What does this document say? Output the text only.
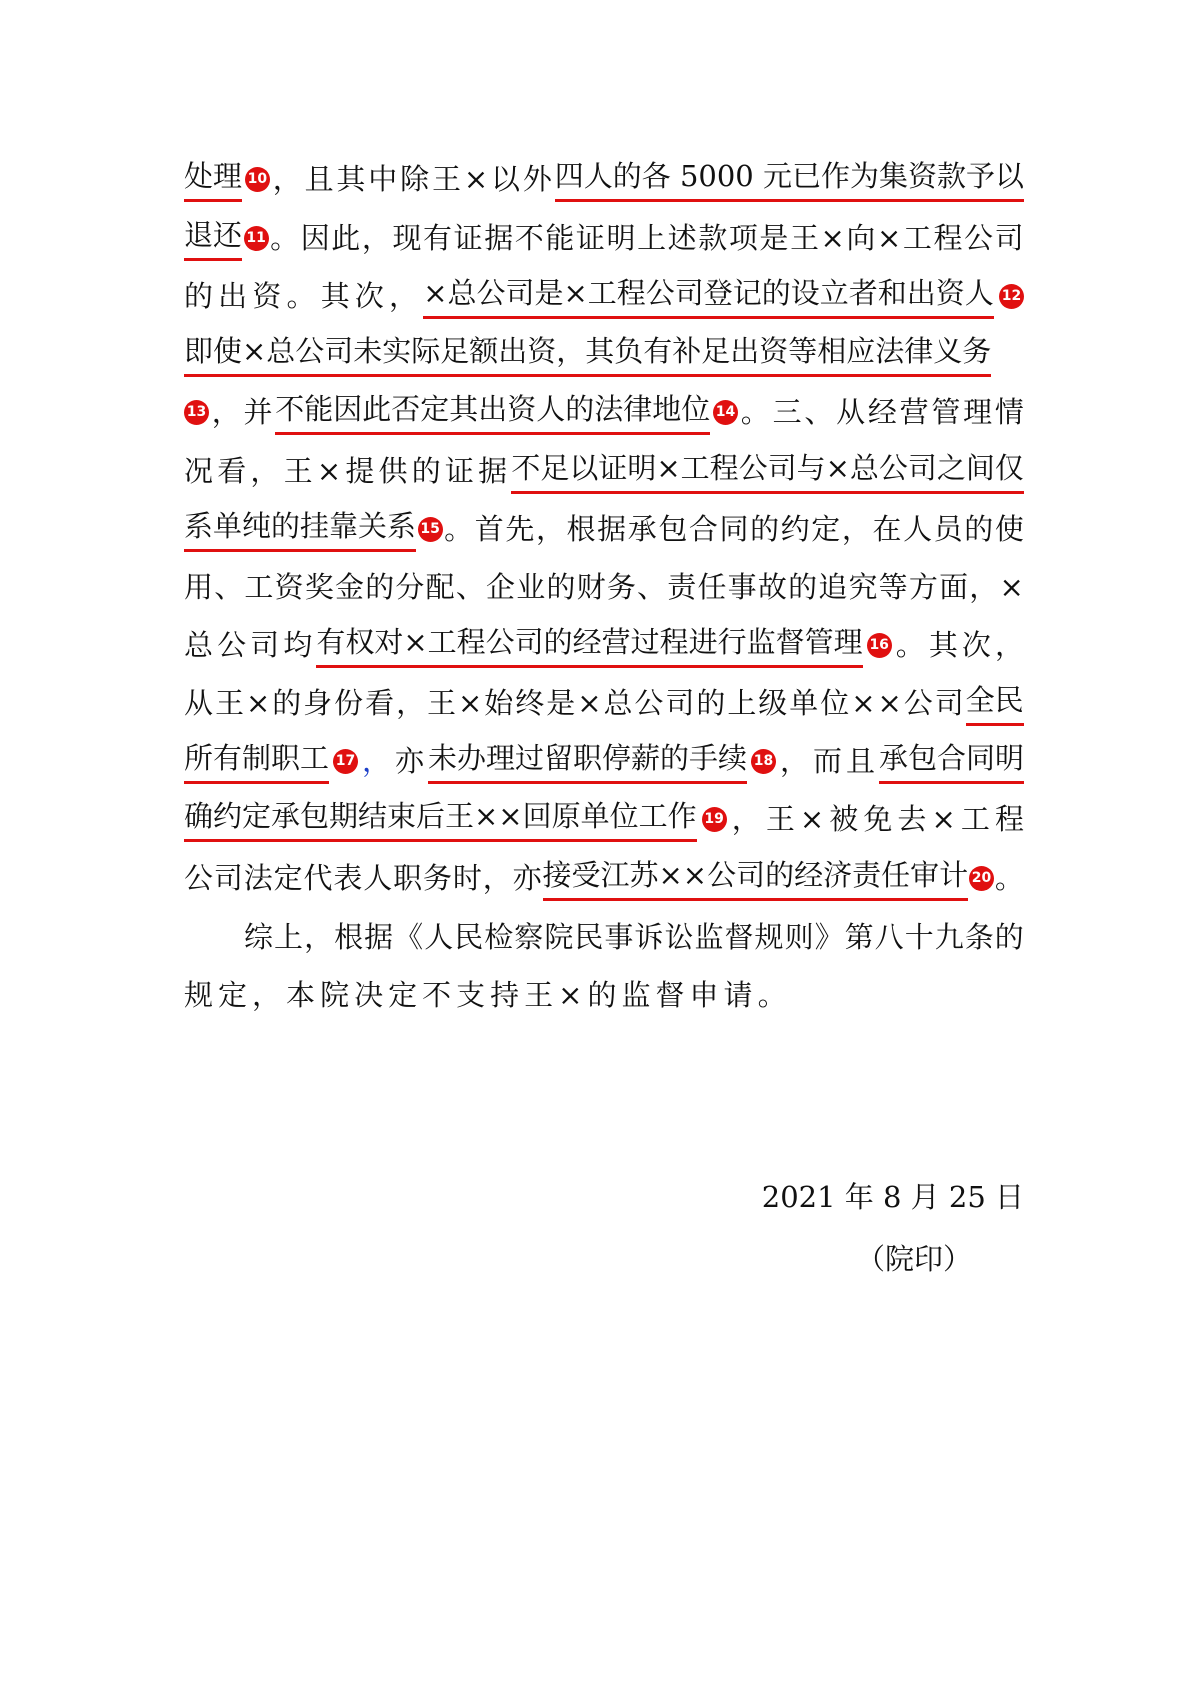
处理 10 ， 且 其 中 除 王 × 以 外 四人的各 5000 元已作为集资款予以
退还 11 。 因 此 ， 现 有 证 据 不 能 证 明 上 述 款 项 是 王 × 向 × 工 程 公 司
的 出 资 。 其 次 ， ×总公司是×工程公司登记的设立者和出资人 12
即使×总公司未实际足额出资，其负有补足出资等相应法律义务
13 ， 并 不能因此否定其出资人的法律地位 14 。 三 、 从 经 营 管 理 情
况 看 ， 王 × 提 供 的 证 据 不足以证明×工程公司与×总公司之间仅
系单纯的挂靠关系 15 。 首 先 ， 根 据 承 包 合 同 的 约 定 ， 在 人 员 的 使
用 、 工 资 奖 金 的 分 配 、 企 业 的 财 务 、 责 任 事 故 的 追 究 等 方 面 ， ×
总 公 司 均 有权对×工程公司的经营过程进行监督管理 16 。 其 次 ，
从 王 × 的 身 份 看 ， 王 × 始 终 是 × 总 公 司 的 上 级 单 位 × × 公 司 全民
所有制职工 17 ， 亦 未办理过留职停薪的手续 18 ， 而 且 承包合同明
确约定承包期结束后王××回原单位工作 19 ， 王 × 被 免 去 × 工 程
公 司 法 定 代 表 人 职 务 时 ， 亦 接受江苏××公司的经济责任审计 20 。
综 上 ， 根 据 《 人 民 检 察 院 民 事 诉 讼 监 督 规 则 》 第 八 十 九 条 的
规 定 ， 本 院 决 定 不 支 持 王 × 的 监 督 申 请 。
2021 年 8 月 25 日
（院印）
